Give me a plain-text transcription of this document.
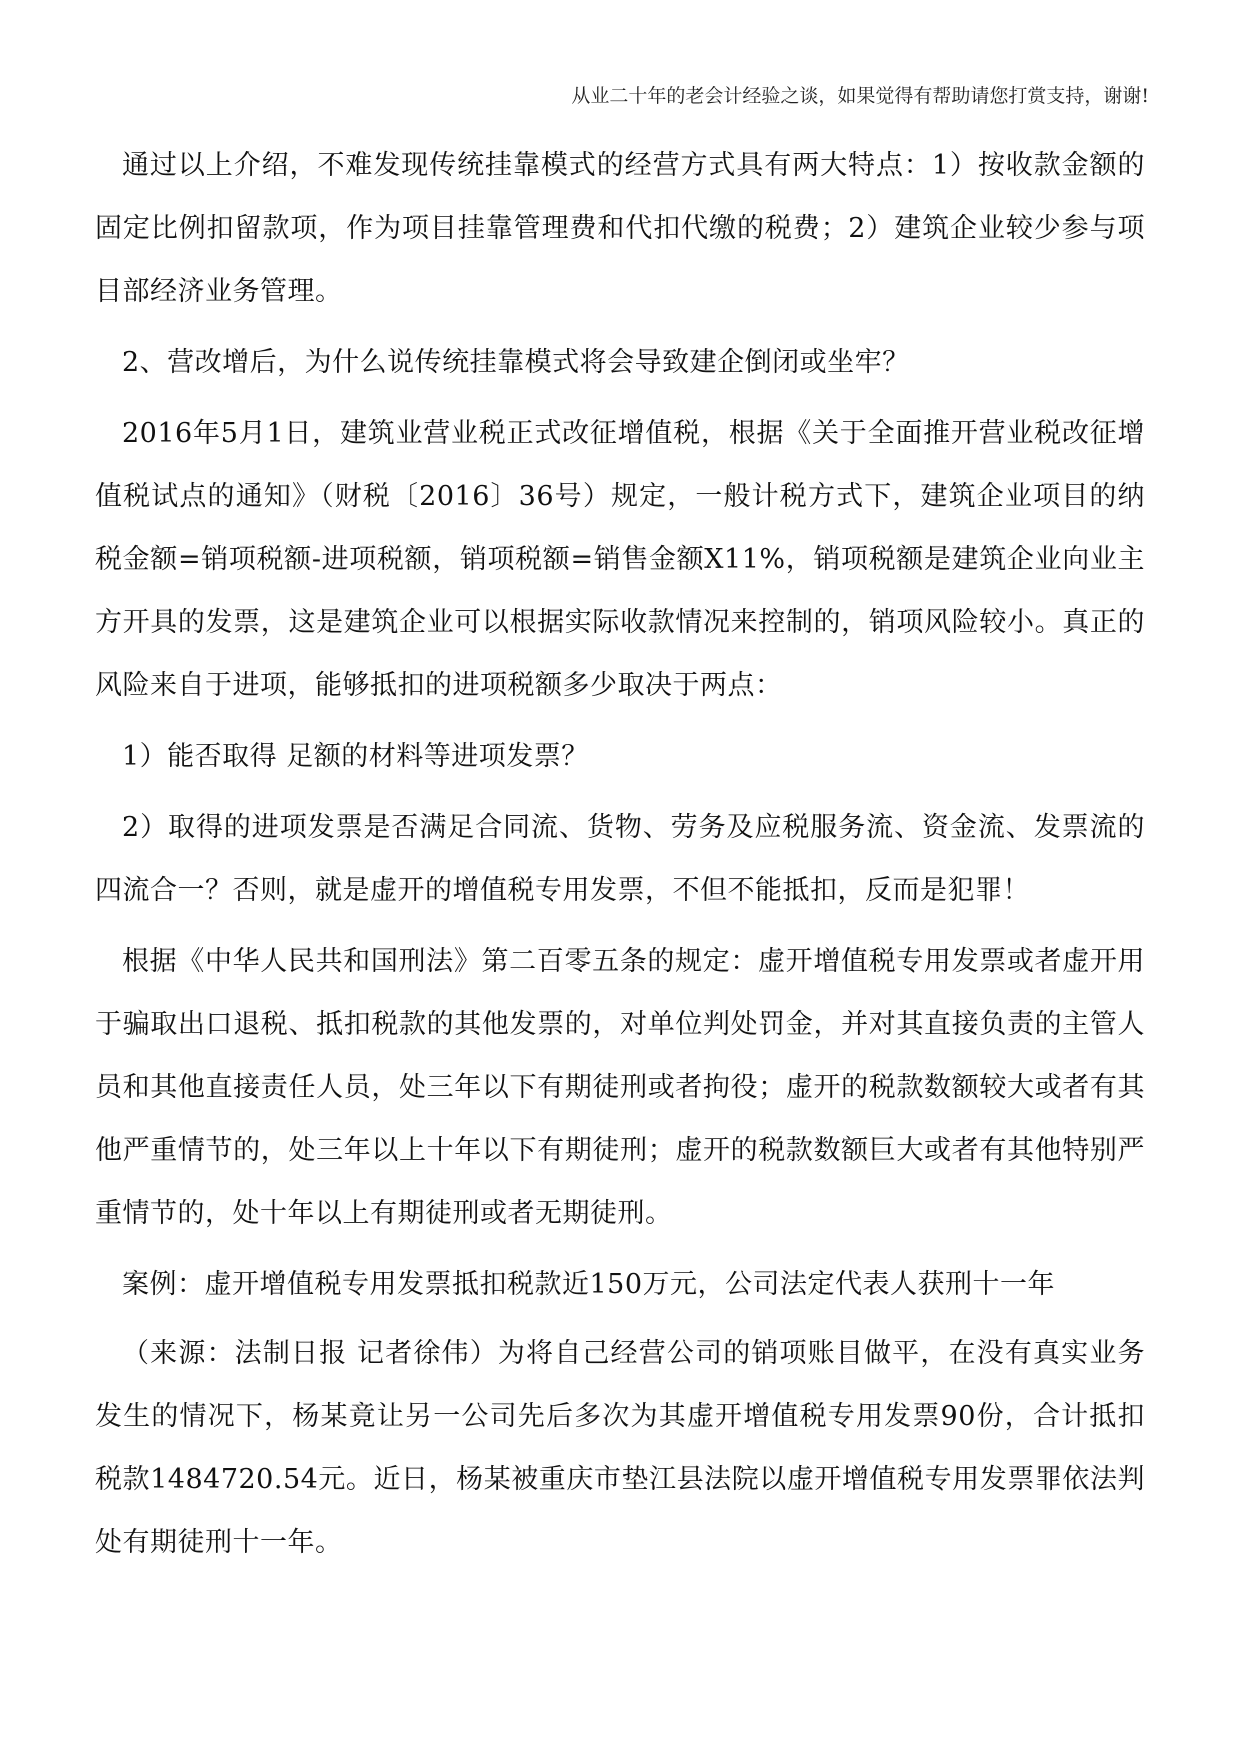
从业二十年的老会计经验之谈，如果觉得有帮助请您打赏支持，谢谢!

通过以上介绍，不难发现传统挂靠模式的经营方式具有两大特点：1）按收款金额的固定比例扣留款项，作为项目挂靠管理费和代扣代缴的税费；2）建筑企业较少参与项目部经济业务管理。

2、营改增后，为什么说传统挂靠模式将会导致建企倒闭或坐牢？

2016年5月1日，建筑业营业税正式改征增值税，根据《关于全面推开营业税改征增值税试点的通知》（财税〔2016〕36号）规定，一般计税方式下，建筑企业项目的纳税金额=销项税额-进项税额，销项税额=销售金额X11%，销项税额是建筑企业向业主方开具的发票，这是建筑企业可以根据实际收款情况来控制的，销项风险较小。真正的风险来自于进项，能够抵扣的进项税额多少取决于两点：

1）能否取得 足额的材料等进项发票？

2）取得的进项发票是否满足合同流、货物、劳务及应税服务流、资金流、发票流的四流合一？否则，就是虚开的增值税专用发票，不但不能抵扣，反而是犯罪！

根据《中华人民共和国刑法》第二百零五条的规定：虚开增值税专用发票或者虚开用于骗取出口退税、抵扣税款的其他发票的，对单位判处罚金，并对其直接负责的主管人员和其他直接责任人员，处三年以下有期徒刑或者拘役；虚开的税款数额较大或者有其他严重情节的，处三年以上十年以下有期徒刑；虚开的税款数额巨大或者有其他特别严重情节的，处十年以上有期徒刑或者无期徒刑。

案例：虚开增值税专用发票抵扣税款近150万元，公司法定代表人获刑十一年

（来源：法制日报 记者徐伟）为将自己经营公司的销项账目做平，在没有真实业务发生的情况下，杨某竟让另一公司先后多次为其虚开增值税专用发票90份，合计抵扣税款1484720.54元。近日，杨某被重庆市垫江县法院以虚开增值税专用发票罪依法判处有期徒刑十一年。
